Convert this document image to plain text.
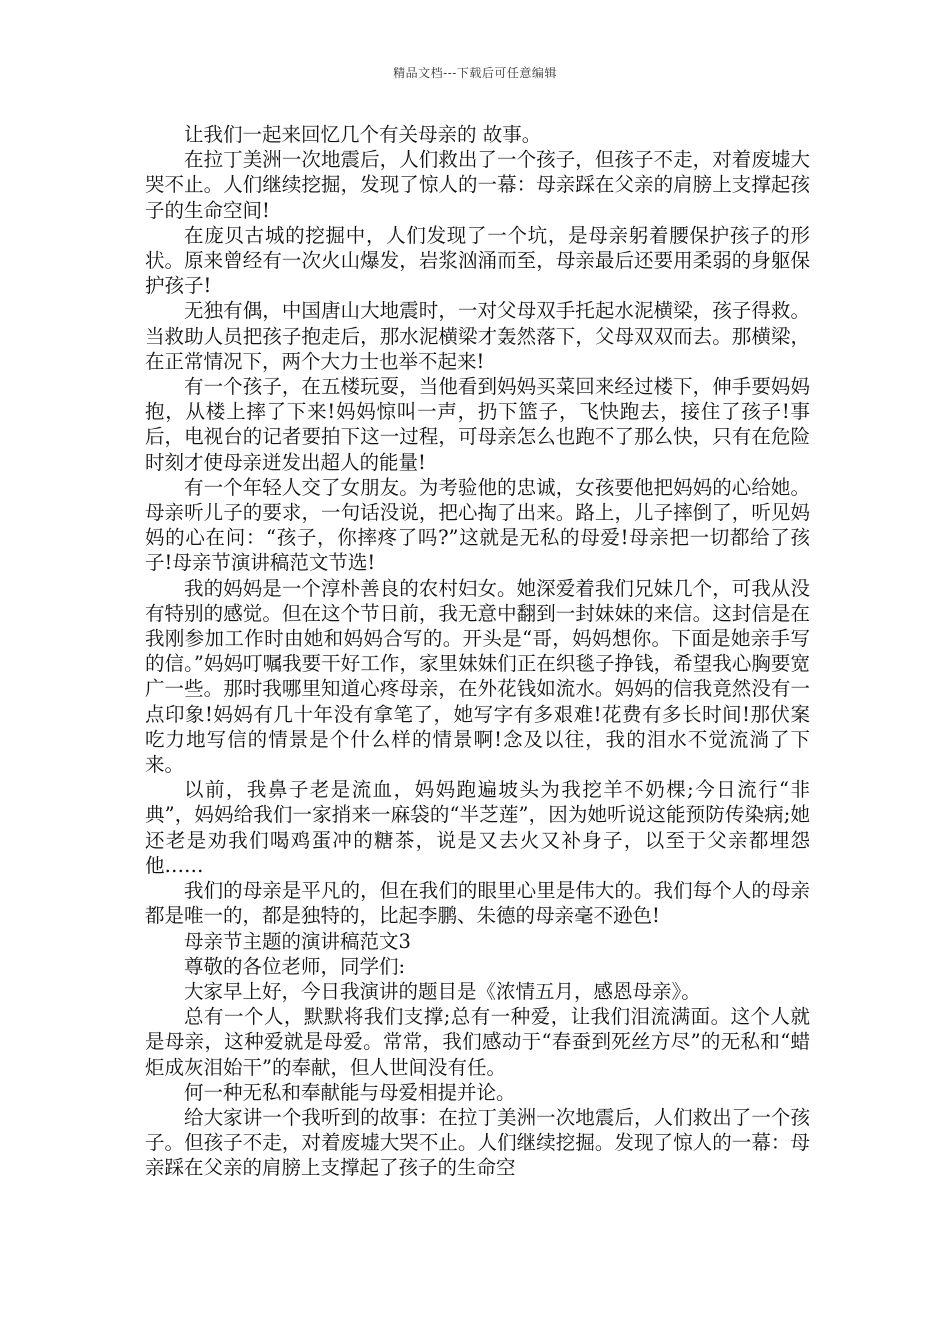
精品文档---下载后可任意编辑

让我们一起来回忆几个有关母亲的 故事。

在拉丁美洲一次地震后，人们救出了一个孩子，但孩子不走，对着废墟大哭不止。人们继续挖掘，发现了惊人的一幕：母亲踩在父亲的肩膀上支撑起孩子的生命空间!

在庞贝古城的挖掘中，人们发现了一个坑，是母亲躬着腰保护孩子的形状。原来曾经有一次火山爆发，岩浆汹涌而至，母亲最后还要用柔弱的身躯保护孩子!

无独有偶，中国唐山大地震时，一对父母双手托起水泥横梁，孩子得救。当救助人员把孩子抱走后，那水泥横梁才轰然落下，父母双双而去。那横梁，在正常情况下，两个大力士也举不起来!

有一个孩子，在五楼玩耍，当他看到妈妈买菜回来经过楼下，伸手要妈妈抱，从楼上摔了下来!妈妈惊叫一声，扔下篮子，飞快跑去，接住了孩子!事后，电视台的记者要拍下这一过程，可母亲怎么也跑不了那么快，只有在危险时刻才使母亲迸发出超人的能量!

有一个年轻人交了女朋友。为考验他的忠诚，女孩要他把妈妈的心给她。母亲听儿子的要求，一句话没说，把心掏了出来。路上，儿子摔倒了，听见妈妈的心在问：“孩子，你摔疼了吗?”这就是无私的母爱!母亲把一切都给了孩子!母亲节演讲稿范文节选!

我的妈妈是一个淳朴善良的农村妇女。她深爱着我们兄妹几个，可我从没有特别的感觉。但在这个节日前，我无意中翻到一封妹妹的来信。这封信是在我刚参加工作时由她和妈妈合写的。开头是“哥，妈妈想你。下面是她亲手写的信。”妈妈叮嘱我要干好工作，家里妹妹们正在织毯子挣钱，希望我心胸要宽广一些。那时我哪里知道心疼母亲，在外花钱如流水。妈妈的信我竟然没有一点印象!妈妈有几十年没有拿笔了，她写字有多艰难!花费有多长时间!那伏案吃力地写信的情景是个什么样的情景啊!念及以往，我的泪水不觉流淌了下来。

以前，我鼻子老是流血，妈妈跑遍坡头为我挖羊不奶棵;今日流行“非典”，妈妈给我们一家捎来一麻袋的“半芝莲”，因为她听说这能预防传染病;她还老是劝我们喝鸡蛋冲的糖茶，说是又去火又补身子，以至于父亲都埋怨他……

我们的母亲是平凡的，但在我们的眼里心里是伟大的。我们每个人的母亲都是唯一的，都是独特的，比起李鹏、朱德的母亲毫不逊色!

母亲节主题的演讲稿范文3

尊敬的各位老师，同学们:

大家早上好，今日我演讲的题目是《浓情五月，感恩母亲》。

总有一个人，默默将我们支撑;总有一种爱，让我们泪流满面。这个人就是母亲，这种爱就是母爱。常常，我们感动于“春蚕到死丝方尽”的无私和“蜡炬成灰泪始干”的奉献，但人世间没有任。

何一种无私和奉献能与母爱相提并论。

给大家讲一个我听到的故事：在拉丁美洲一次地震后，人们救出了一个孩子。但孩子不走，对着废墟大哭不止。人们继续挖掘。发现了惊人的一幕：母亲踩在父亲的肩膀上支撑起了孩子的生命空
